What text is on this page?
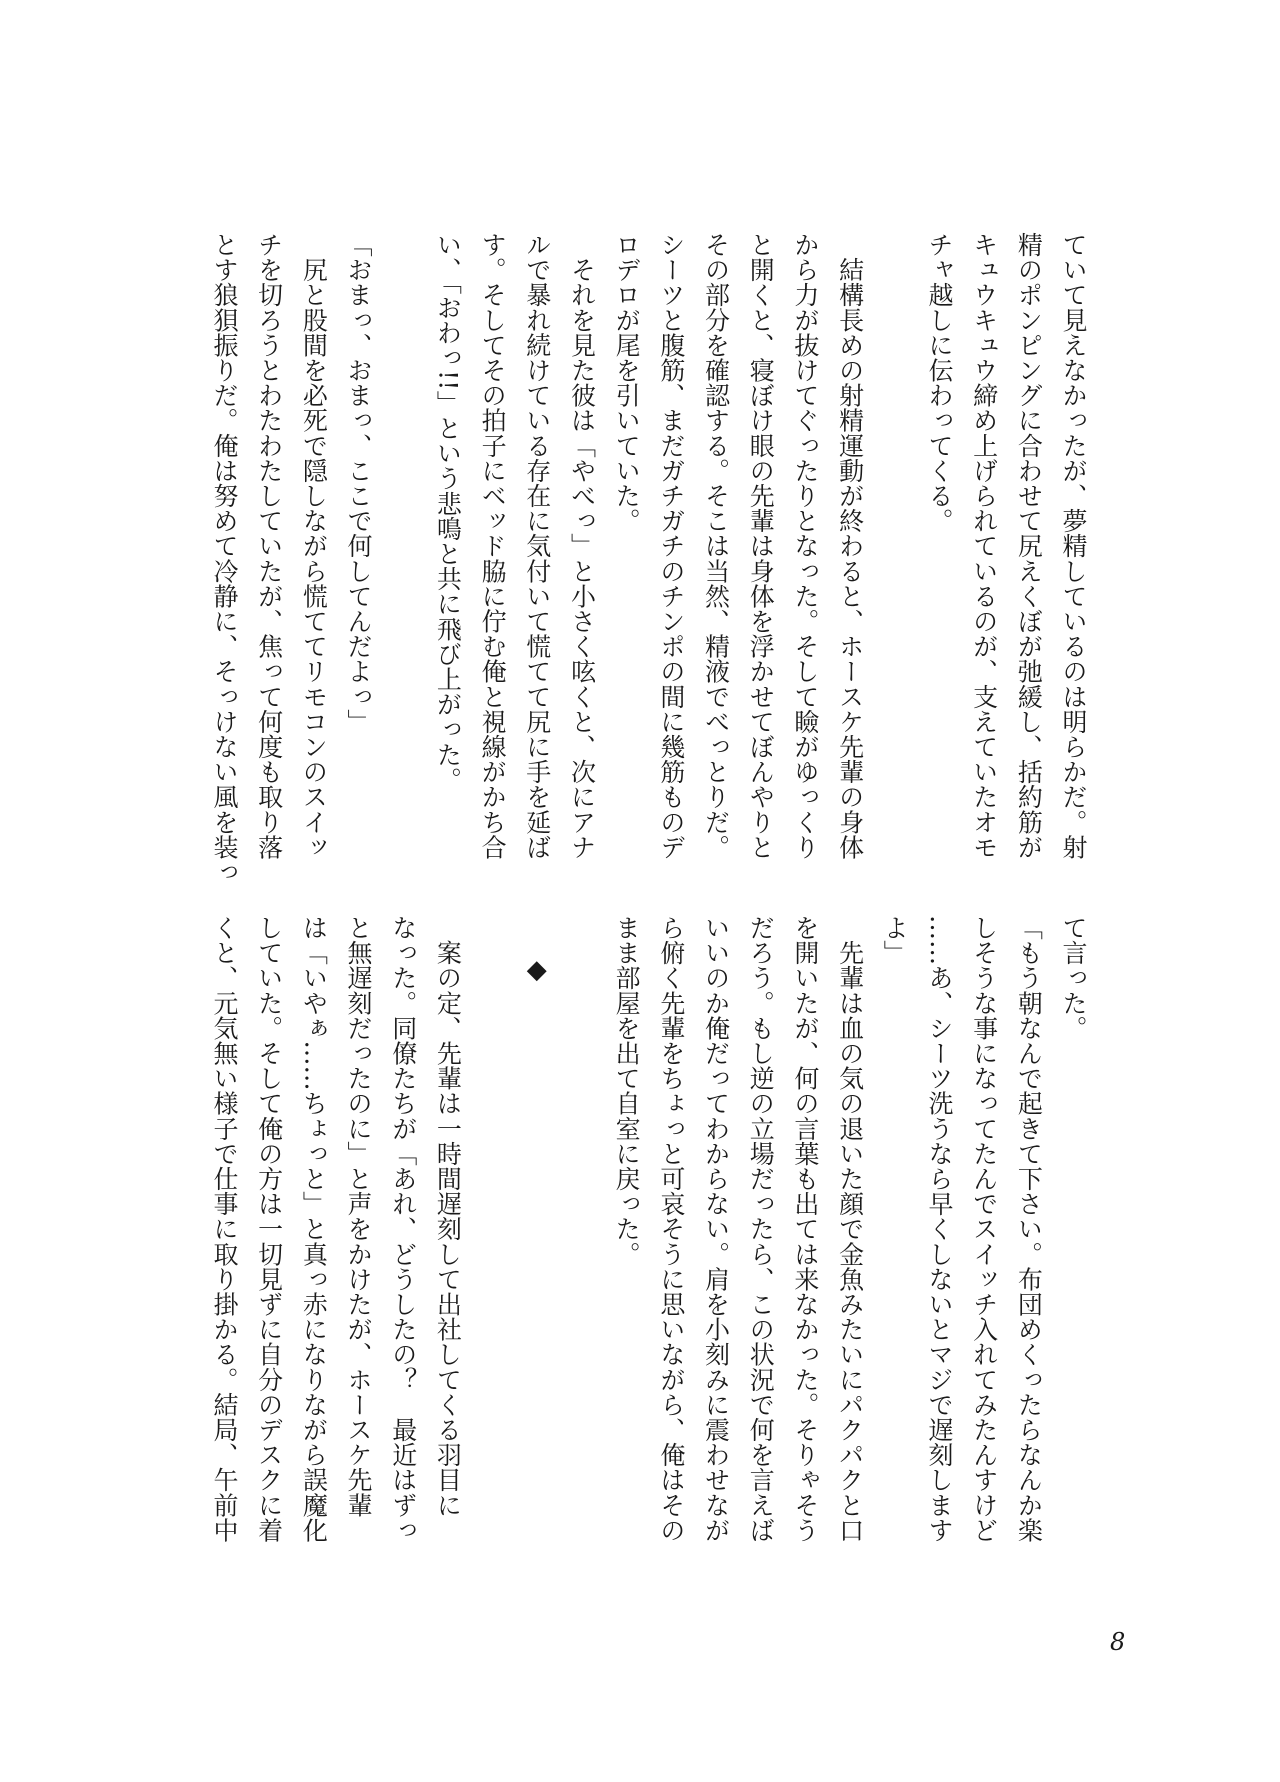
ていて見えなかったが、夢精しているのは明らかだ。射
精のポンピングに合わせて尻えくぼが弛緩し、括約筋が
キュウキュウ締め上げられているのが、支えていたオモ
チャ越しに伝わってくる。
　結構長めの射精運動が終わると、ホースケ先輩の身体
から力が抜けてぐったりとなった。そして瞼がゆっくり
と開くと、寝ぼけ眼の先輩は身体を浮かせてぼんやりと
その部分を確認する。そこは当然、精液でべっとりだ。
シーツと腹筋、まだガチガチのチンポの間に幾筋ものデ
ロデロが尾を引いていた。
　それを見た彼は「やべっ」と小さく呟くと、次にアナ
ルで暴れ続けている存在に気付いて慌てて尻に手を延ば
す。そしてその拍子にベッド脇に佇む俺と視線がかち合
い、「おわっ!!」という悲鳴と共に飛び上がった。
「おまっ、おまっ、ここで何してんだよっ」
　尻と股間を必死で隠しながら慌ててリモコンのスイッ
チを切ろうとわたわたしていたが、焦って何度も取り落
とす狼狽振りだ。俺は努めて冷静に、そっけない風を装っ
て言った。
「もう朝なんで起きて下さい。布団めくったらなんか楽
しそうな事になってたんでスイッチ入れてみたんすけど
……あ、シーツ洗うなら早くしないとマジで遅刻します
よ」
　先輩は血の気の退いた顔で金魚みたいにパクパクと口
を開いたが、何の言葉も出ては来なかった。そりゃそう
だろう。もし逆の立場だったら、この状況で何を言えば
いいのか俺だってわからない。肩を小刻みに震わせなが
ら俯く先輩をちょっと可哀そうに思いながら、俺はその
まま部屋を出て自室に戻った。
◆
　案の定、先輩は一時間遅刻して出社してくる羽目に
なった。同僚たちが「あれ、どうしたの？　最近はずっ
と無遅刻だったのに」と声をかけたが、ホースケ先輩
は「いやぁ……ちょっと」と真っ赤になりながら誤魔化
していた。そして俺の方は一切見ずに自分のデスクに着
くと、元気無い様子で仕事に取り掛かる。結局、午前中
8
